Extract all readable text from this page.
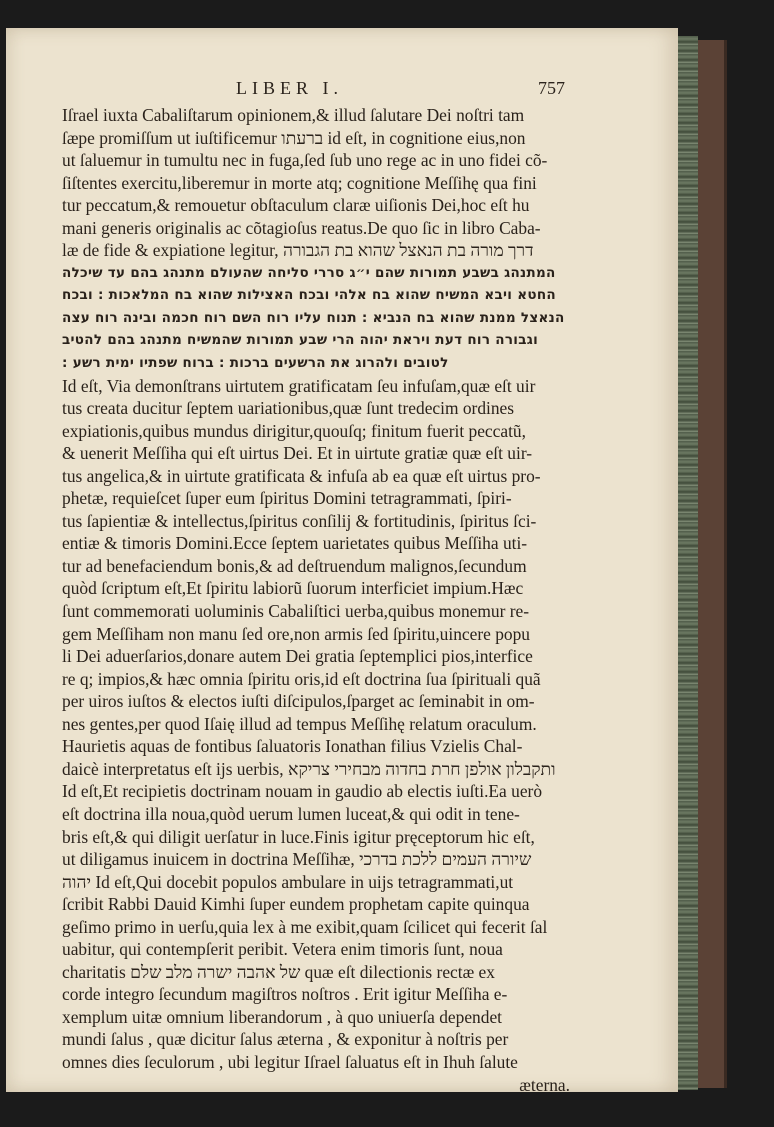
LIBER I.	757
Iſrael iuxta Cabaliſtarum opinionem,& illud ſalutare Dei noſtri tam
ſæpe promiſſum ut iuſtificemur ברעתו id eſt, in cognitione eius,non
ut ſaluemur in tumultu nec in fuga,ſed ſub uno rege ac in uno fidei cõ-
ſiſtentes exercitu,liberemur in morte atq; cognitione Meſſihę qua fini
tur peccatum,& remouetur obſtaculum claræ uiſionis Dei,hoc eſt hu
mani generis originalis ac cõtagioſus reatus.De quo ſic in libro Caba-
læ de fide & expiatione legitur, דרך מורה בת הנאצל שהוא בת הגבורה
המתנהג בשבע תמורות שהם י״ג סררי סליחה שהעולם מתנהג בהם עד שיכלה
החטא ויבא המשיח שהוא בח אלהי ובכח האצילות שהוא בח המלאכות : ובכח
הנאצל ממנת שהוא בח הנביא : תנוח עליו רוח השם רוח חכמה ובינה רוח עצה
וגבורה רוח דעת ויראת יהוה הרי שבע תמורות שהמשיח מתנהג בהם להטיב
לטובים ולהרוג את הרשעים ברכות : ברוח שפתיו ימית רשע :
Id eſt, Via demonſtrans uirtutem gratificatam ſeu infuſam,quæ eſt uir
tus creata ducitur ſeptem uariationibus,quæ ſunt tredecim ordines
expiationis,quibus mundus dirigitur,quouſq; finitum fuerit peccatũ,
& uenerit Meſſiha qui eſt uirtus Dei. Et in uirtute gratiæ quæ eſt uir-
tus angelica,& in uirtute gratificata & infuſa ab ea quæ eſt uirtus pro-
phetæ, requieſcet ſuper eum ſpiritus Domini tetragrammati, ſpiri-
tus ſapientiæ & intellectus,ſpiritus conſilij & fortitudinis, ſpiritus ſci-
entiæ & timoris Domini.Ecce ſeptem uarietates quibus Meſſiha uti-
tur ad benefaciendum bonis,& ad deſtruendum malignos,ſecundum
quòd ſcriptum eſt,Et ſpiritu labiorũ ſuorum interficiet impium.Hæc
ſunt commemorati uoluminis Cabaliſtici uerba,quibus monemur re-
gem Meſſiham non manu ſed ore,non armis ſed ſpiritu,uincere popu
li Dei aduerſarios,donare autem Dei gratia ſeptemplici pios,interfice
re q; impios,& hæc omnia ſpiritu oris,id eſt doctrina ſua ſpirituali quã
per uiros iuſtos & electos iuſti diſcipulos,ſparget ac ſeminabit in om-
nes gentes,per quod Iſaię illud ad tempus Meſſihę relatum oraculum.
Haurietis aquas de fontibus ſaluatoris Ionathan filius Vzielis Chal-
daicè interpretatus eſt ijs uerbis, ותקבלון אולפן חרת בחדוה מבחירי צריקא
Id eſt,Et recipietis doctrinam nouam in gaudio ab electis iuſti.Ea uerò
eſt doctrina illa noua,quòd uerum lumen luceat,& qui odit in tene-
bris eſt,& qui diligit uerſatur in luce.Finis igitur pręceptorum hic eſt,
ut diligamus inuicem in doctrina Meſſihæ, שיורה העמים ללכת בדרכי
יהוה Id eſt,Qui docebit populos ambulare in uijs tetragrammati,ut
ſcribit Rabbi Dauid Kimhi ſuper eundem prophetam capite quinqua
geſimo primo in uerſu,quia lex à me exibit,quam ſcilicet qui fecerit ſal
uabitur, qui contempſerit peribit. Vetera enim timoris ſunt, noua
charitatis של אהבה ישרה מלב שלם quæ eſt dilectionis rectæ ex
corde integro ſecundum magiſtros noſtros . Erit igitur Meſſiha e-
xemplum uitæ omnium liberandorum , à quo uniuerſa dependet
mundi ſalus , quæ dicitur ſalus æterna , & exponitur à noſtris per
omnes dies ſeculorum , ubi legitur Iſrael ſaluatus eſt in Ihuh ſalute
æterna.
